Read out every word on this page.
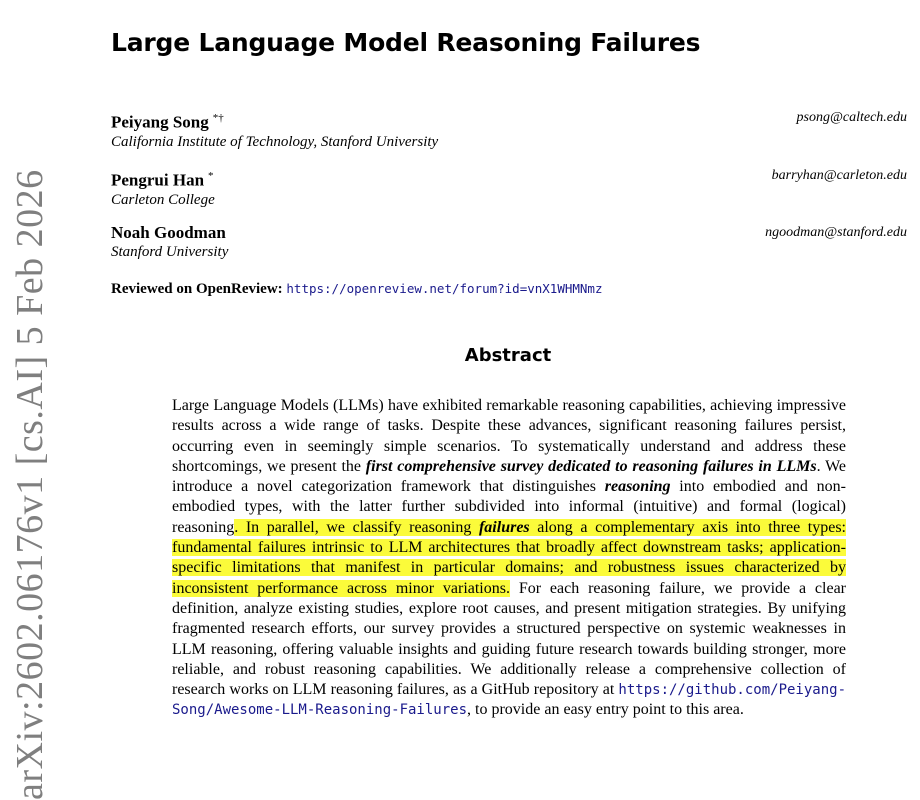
arXiv:2602.06176v1 [cs.AI] 5 Feb 2026
Large Language Model Reasoning Failures
Peiyang Song *†
California Institute of Technology, Stanford University
psong@caltech.edu
Pengrui Han *
Carleton College
barryhan@carleton.edu
Noah Goodman
Stanford University
ngoodman@stanford.edu
Reviewed on OpenReview: https://openreview.net/forum?id=vnX1WHMNmz
Abstract
Large Language Models (LLMs) have exhibited remarkable reasoning capabilities, achieving impressive results across a wide range of tasks. Despite these advances, significant reasoning failures persist, occurring even in seemingly simple scenarios. To systematically understand and address these shortcomings, we present the first comprehensive survey dedicated to reasoning failures in LLMs. We introduce a novel categorization framework that distinguishes reasoning into embodied and non-embodied types, with the latter further subdivided into informal (intuitive) and formal (logical) reasoning. In parallel, we classify reasoning failures along a complementary axis into three types: fundamental failures intrinsic to LLM architectures that broadly affect downstream tasks; application-specific limitations that manifest in particular domains; and robustness issues characterized by inconsistent performance across minor variations. For each reasoning failure, we provide a clear definition, analyze existing studies, explore root causes, and present mitigation strategies. By unifying fragmented research efforts, our survey provides a structured perspective on systemic weaknesses in LLM reasoning, offering valuable insights and guiding future research towards building stronger, more reliable, and robust reasoning capabilities. We additionally release a comprehensive collection of research works on LLM reasoning failures, as a GitHub repository at https://github.com/Peiyang-Song/Awesome-LLM-Reasoning-Failures, to provide an easy entry point to this area.
